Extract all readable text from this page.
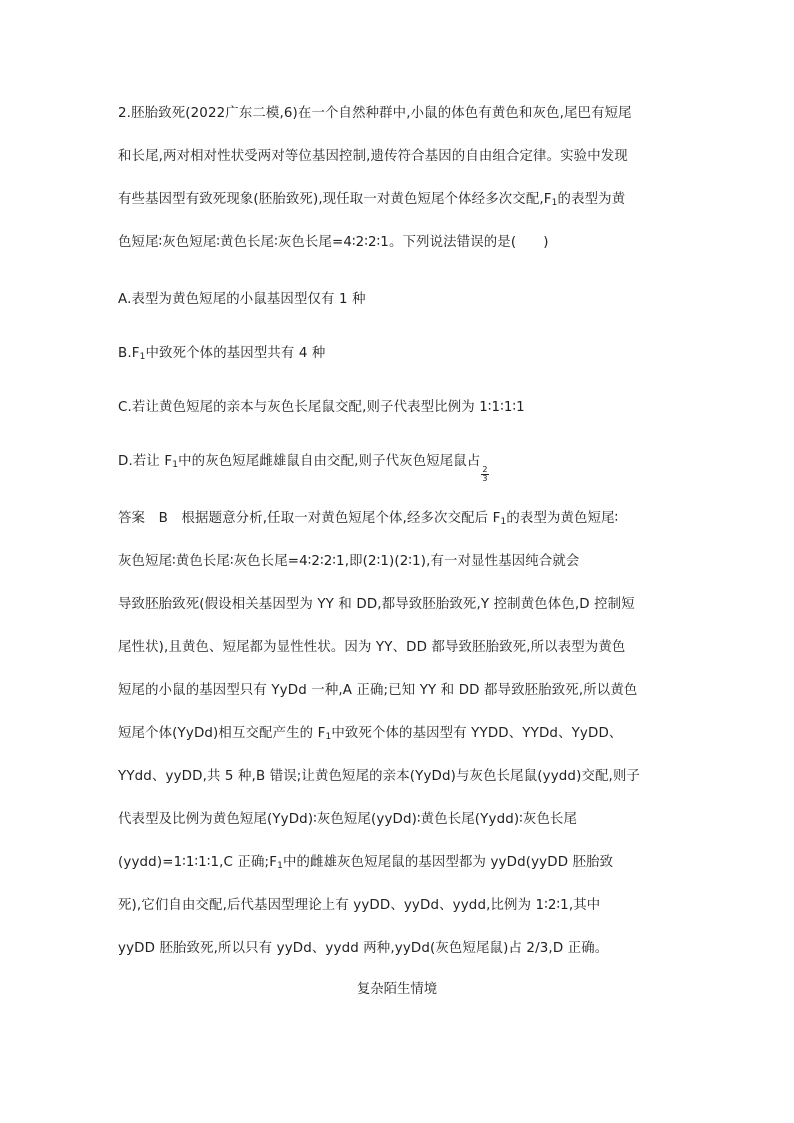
2.胚胎致死(2022广东二模,6)在一个自然种群中,小鼠的体色有黄色和灰色,尾巴有短尾
和长尾,两对相对性状受两对等位基因控制,遗传符合基因的自由组合定律。实验中发现
有些基因型有致死现象(胚胎致死),现任取一对黄色短尾个体经多次交配$,F_1$的表型为黄
色短尾∶灰色短尾∶黄色长尾∶灰色长尾=4∶2∶2∶1。下列说法错误的是(　　)
A.表型为黄色短尾的小鼠基因型仅有 1 种
$B.F_1$中致死个体的基因型共有 4 种
C.若让黄色短尾的亲本与灰色长尾鼠交配,则子代表型比例为 1∶1∶1∶1
D.若让 $F_1$中的灰色短尾雌雄鼠自由交配,则子代灰色短尾鼠占
$\frac{2}{3}$
答案　B　根据题意分析,任取一对黄色短尾个体,经多次交配后 $F_1$的表型为黄色短尾∶
灰色短尾∶黄色长尾∶灰色长尾=4∶2∶2∶1,即(2∶1)(2∶1),有一对显性基因纯合就会
导致胚胎致死(假设相关基因型为 YY 和 DD,都导致胚胎致死,Y 控制黄色体色,D 控制短
尾性状),且黄色、短尾都为显性性状。因为 YY、DD 都导致胚胎致死,所以表型为黄色
短尾的小鼠的基因型只有 YyDd 一种,A 正确;已知 YY 和 DD 都导致胚胎致死,所以黄色
短尾个体(YyDd)相互交配产生的 $F_1$中致死个体的基因型有 YYDD、YYDd、YyDD、
YYdd、yyDD,共 5 种,B 错误;让黄色短尾的亲本(YyDd)与灰色长尾鼠(yydd)交配,则子
代表型及比例为黄色短尾(YyDd)∶灰色短尾(yyDd)∶黄色长尾(Yydd)∶灰色长尾
(yydd)=1∶1∶1∶1,C 正确$;F_1$中的雌雄灰色短尾鼠的基因型都为 yyDd(yyDD 胚胎致
死),它们自由交配,后代基因型理论上有 yyDD、yyDd、yydd,比例为 1∶2∶1,其中
yyDD 胚胎致死,所以只有 yyDd、yydd 两种,yyDd(灰色短尾鼠)占 2/3,D 正确。
复杂陌生情境
